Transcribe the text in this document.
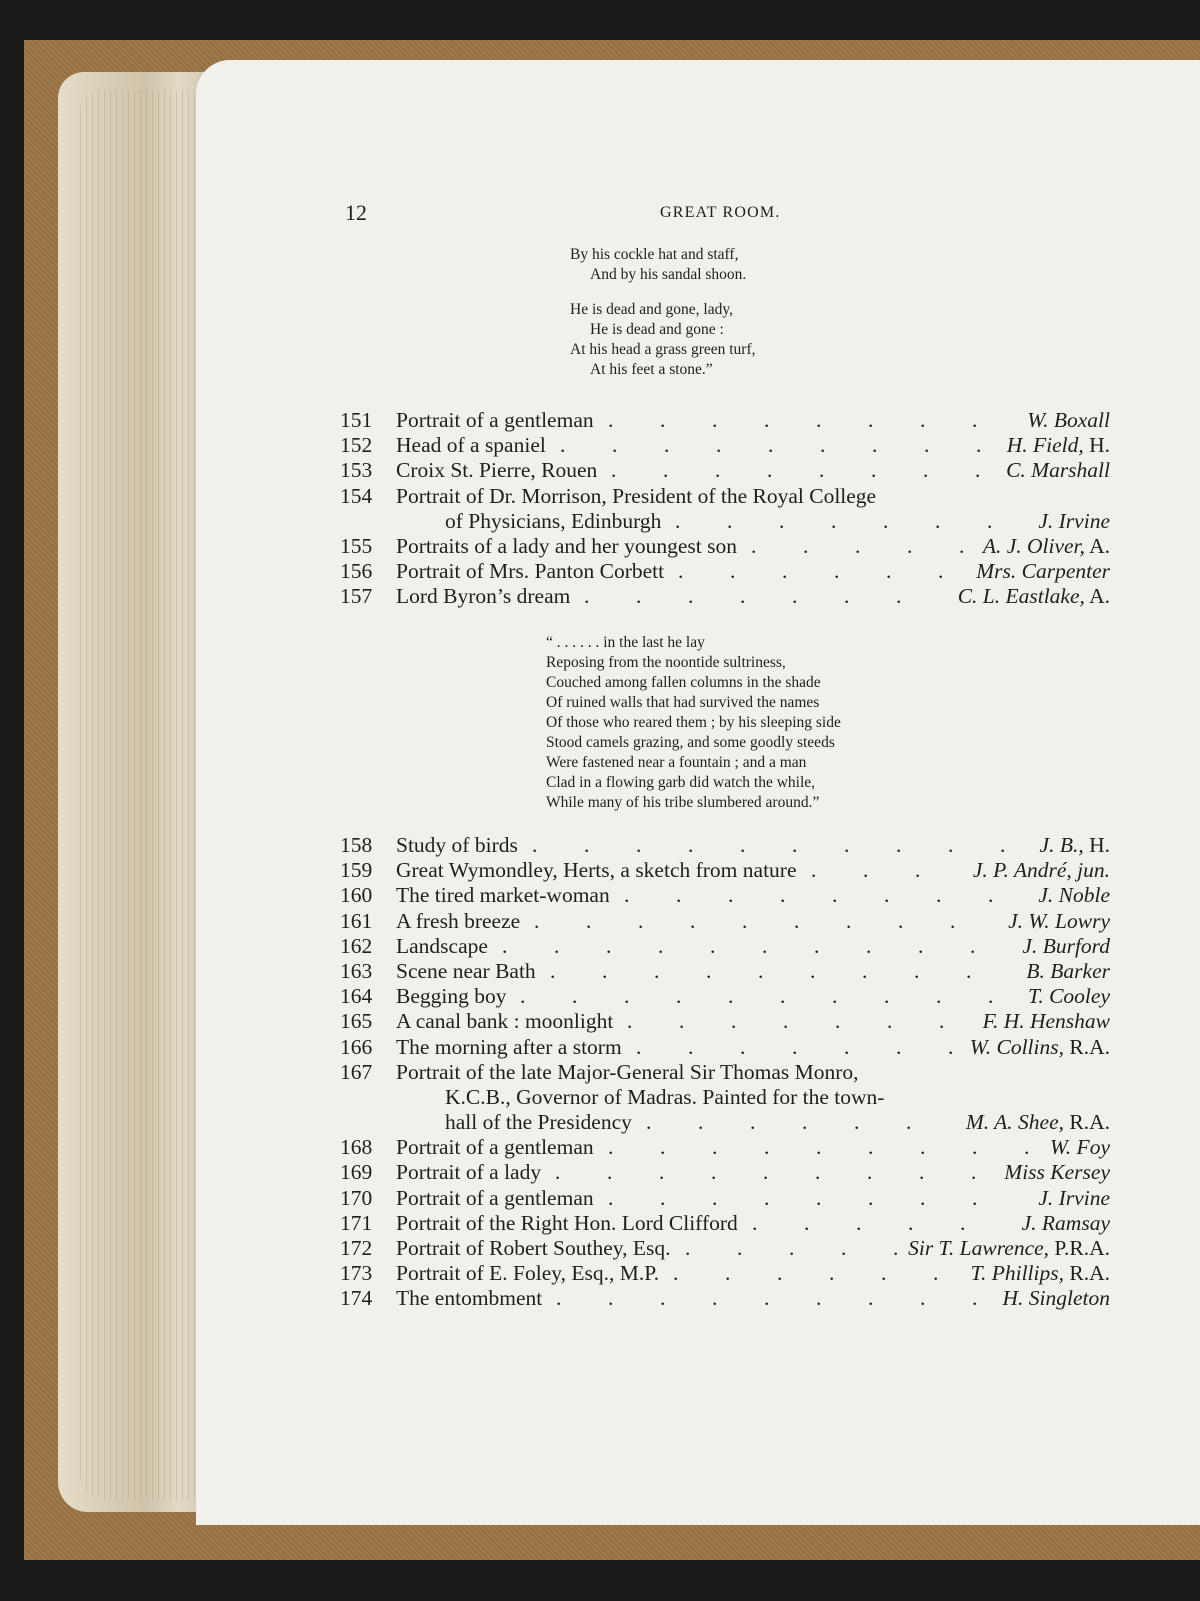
12	GREAT ROOM.
By his cockle hat and staff,
And by his sandal shoon.
He is dead and gone, lady,
He is dead and gone :
At his head a grass green turf,
At his feet a stone.”
151 Portrait of a gentleman	W. Boxall
. . . . . . . .
152 Head of a spaniel	H. Field, H.
. . . . . . . . .
153 Croix St. Pierre, Rouen	C. Marshall
. . . . . . . .
154 Portrait of Dr. Morrison, President of the Royal College
of Physicians, Edinburgh	J. Irvine
. . . . . . .
155 Portraits of a lady and her youngest son	A. J. Oliver, A.
. . . . .
156 Portrait of Mrs. Panton Corbett	Mrs. Carpenter
. . . . . .
157 Lord Byron’s dream	C. L. Eastlake, A.
. . . . . . .
“ . . . . . . in the last he lay
Reposing from the noontide sultriness,
Couched among fallen columns in the shade
Of ruined walls that had survived the names
Of those who reared them ; by his sleeping side
Stood camels grazing, and some goodly steeds
Were fastened near a fountain ; and a man
Clad in a flowing garb did watch the while,
While many of his tribe slumbered around.”
158 Study of birds	J. B., H.
. . . . . . . . . .
159 Great Wymondley, Herts, a sketch from nature	J. P. André, jun.
. . .
160 The tired market-woman	J. Noble
. . . . . . . .
161 A fresh breeze	J. W. Lowry
. . . . . . . . .
162 Landscape	J. Burford
. . . . . . . . . .
163 Scene near Bath	B. Barker
. . . . . . . . .
164 Begging boy	T. Cooley
. . . . . . . . . .
165 A canal bank : moonlight	F. H. Henshaw
. . . . . . .
166 The morning after a storm	W. Collins, R.A.
. . . . . . .
167 Portrait of the late Major-General Sir Thomas Monro,
K.C.B., Governor of Madras. Painted for the town-
hall of the Presidency	M. A. Shee, R.A.
. . . . . .
168 Portrait of a gentleman	W. Foy
. . . . . . . . .
169 Portrait of a lady	Miss Kersey
. . . . . . . . .
170 Portrait of a gentleman	J. Irvine
. . . . . . . .
171 Portrait of the Right Hon. Lord Clifford	J. Ramsay
. . . . .
172 Portrait of Robert Southey, Esq.	Sir T. Lawrence, P.R.A.
. . . . .
173 Portrait of E. Foley, Esq., M.P.	T. Phillips, R.A.
. . . . . .
174 The entombment	H. Singleton
. . . . . . . . .
